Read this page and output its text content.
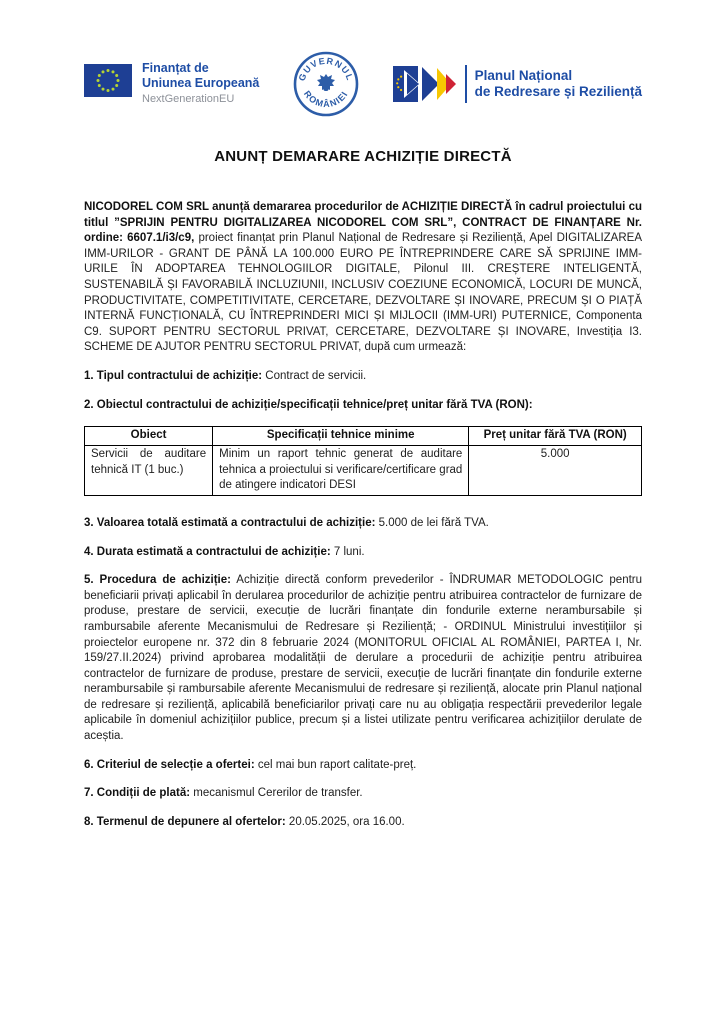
Finanțat de
Uniunea Europeană
NextGenerationEU
GUVERNUL
ROMÂNIEI
Planul Național
de Redresare și Reziliență
ANUNȚ DEMARARE ACHIZIȚIE DIRECTĂ

NICODOREL COM SRL anunță demararea procedurilor de ACHIZIȚIE DIRECTĂ în cadrul proiectului cu titlul ”SPRIJIN PENTRU DIGITALIZAREA NICODOREL COM SRL”, CONTRACT DE FINANȚARE Nr. ordine: 6607.1/i3/c9, proiect finanțat prin Planul Național de Redresare și Reziliență, Apel DIGITALIZAREA IMM-URILOR - GRANT DE PÂNĂ LA 100.000 EURO PE ÎNTREPRINDERE CARE SĂ SPRIJINE IMM-URILE ÎN ADOPTAREA TEHNOLOGIILOR DIGITALE, Pilonul III. CREȘTERE INTELIGENTĂ, SUSTENABILĂ ȘI FAVORABILĂ INCLUZIUNII, INCLUSIV COEZIUNE ECONOMICĂ, LOCURI DE MUNCĂ, PRODUCTIVITATE, COMPETITIVITATE, CERCETARE, DEZVOLTARE ȘI INOVARE, PRECUM ȘI O PIAȚĂ INTERNĂ FUNCȚIONALĂ, CU ÎNTREPRINDERI MICI ȘI MIJLOCII (IMM-URI) PUTERNICE, Componenta C9. SUPORT PENTRU SECTORUL PRIVAT, CERCETARE, DEZVOLTARE ȘI INOVARE, Investiția I3. SCHEME DE AJUTOR PENTRU SECTORUL PRIVAT, după cum urmează:

1. Tipul contractului de achiziție: Contract de servicii.

2. Obiectul contractului de achiziție/specificații tehnice/preț unitar fără TVA (RON):

Obiect	Specificații tehnice minime	Preț unitar fără TVA (RON)
Servicii de auditare tehnică IT (1 buc.)	Minim un raport tehnic generat de auditare tehnica a proiectului si verificare/certificare grad de atingere indicatori DESI	5.000

3. Valoarea totală estimată a contractului de achiziție: 5.000 de lei fără TVA.

4. Durata estimată a contractului de achiziție: 7 luni.

5. Procedura de achiziție: Achiziție directă conform prevederilor - ÎNDRUMAR METODOLOGIC pentru beneficiarii privați aplicabil în derularea procedurilor de achiziție pentru atribuirea contractelor de furnizare de produse, prestare de servicii, execuție de lucrări finanțate din fondurile externe nerambursabile și rambursabile aferente Mecanismului de Redresare și Reziliență; - ORDINUL Ministrului investițiilor și proiectelor europene nr. 372 din 8 februarie 2024 (MONITORUL OFICIAL AL ROMÂNIEI, PARTEA I, Nr. 159/27.II.2024) privind aprobarea modalității de derulare a procedurii de achiziție pentru atribuirea contractelor de furnizare de produse, prestare de servicii, execuție de lucrări finanțate din fondurile externe nerambursabile și rambursabile aferente Mecanismului de redresare și reziliență, alocate prin Planul național de redresare și reziliență, aplicabilă beneficiarilor privați care nu au obligația respectării prevederilor legale aplicabile în domeniul achizițiilor publice, precum și a listei utilizate pentru verificarea achizițiilor derulate de aceștia.

6. Criteriul de selecție a ofertei: cel mai bun raport calitate-preț.

7. Condiții de plată: mecanismul Cererilor de transfer.

8. Termenul de depunere al ofertelor: 20.05.2025, ora 16.00.
